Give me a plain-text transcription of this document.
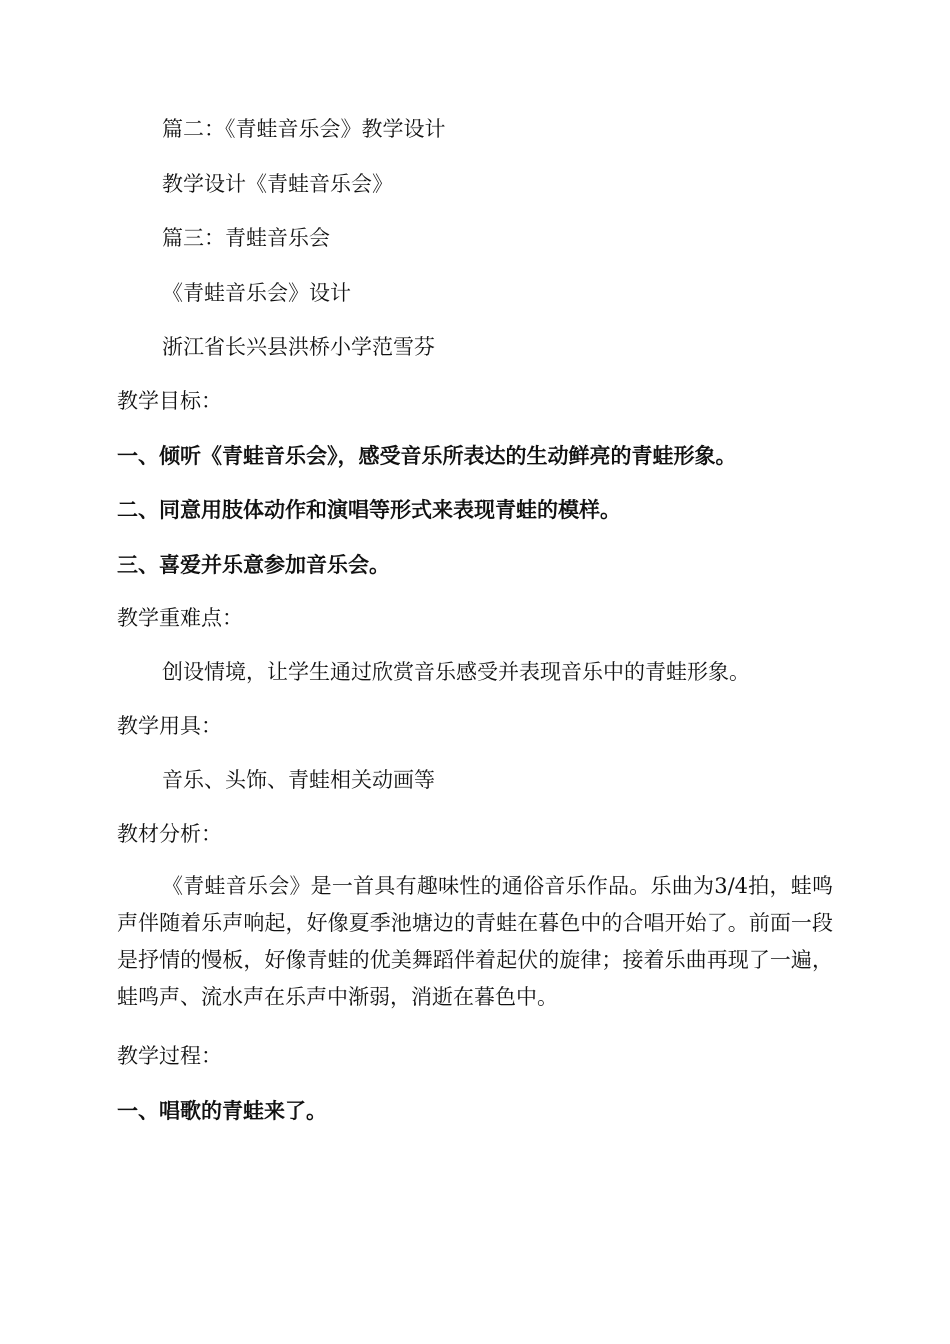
篇二：《青蛙音乐会》教学设计
教学设计《青蛙音乐会》
篇三：青蛙音乐会
《青蛙音乐会》设计
浙江省长兴县洪桥小学范雪芬
教学目标：
一、倾听《青蛙音乐会》，感受音乐所表达的生动鲜亮的青蛙形象。
二、同意用肢体动作和演唱等形式来表现青蛙的模样。
三、喜爱并乐意参加音乐会。
教学重难点：
创设情境，让学生通过欣赏音乐感受并表现音乐中的青蛙形象。
教学用具：
音乐、头饰、青蛙相关动画等
教材分析：

《青蛙音乐会》是一首具有趣味性的通俗音乐作品。乐曲为3/4拍，蛙鸣声伴随着乐声响起，好像夏季池塘边的青蛙在暮色中的合唱开始了。前面一段是抒情的慢板，好像青蛙的优美舞蹈伴着起伏的旋律；接着乐曲再现了一遍，蛙鸣声、流水声在乐声中渐弱，消逝在暮色中。

教学过程：
一、唱歌的青蛙来了。
